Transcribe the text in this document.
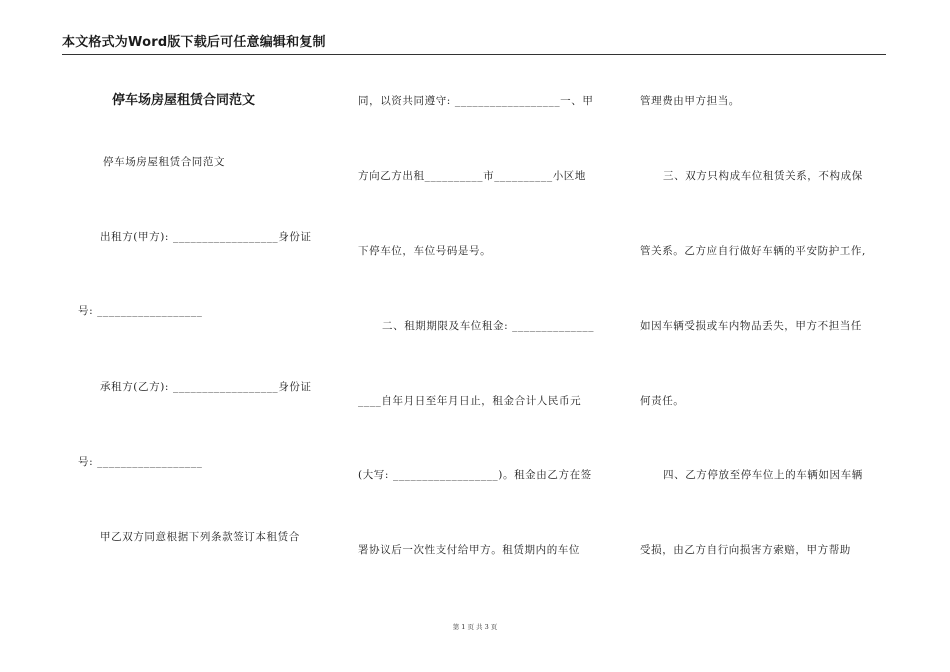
本文格式为Word版下载后可任意编辑和复制
停车场房屋租赁合同范文
停车场房屋租赁合同范文
出租方(甲方): __________________身份证
号: __________________
承租方(乙方): __________________身份证
号: __________________
甲乙双方同意根据下列条款签订本租赁合
同，以资共同遵守: __________________一、甲
方向乙方出租__________市__________小区地
下停车位，车位号码是号。
二、租期期限及车位租金: ______________
____自年月日至年月日止，租金合计人民币元
(大写: __________________)。租金由乙方在签
署协议后一次性支付给甲方。租赁期内的车位
管理费由甲方担当。
三、双方只构成车位租赁关系，不构成保
管关系。乙方应自行做好车辆的平安防护工作,
如因车辆受损或车内物品丢失，甲方不担当任
何责任。
四、乙方停放至停车位上的车辆如因车辆
受损，由乙方自行向损害方索赔，甲方帮助
第 1 页 共 3 页
